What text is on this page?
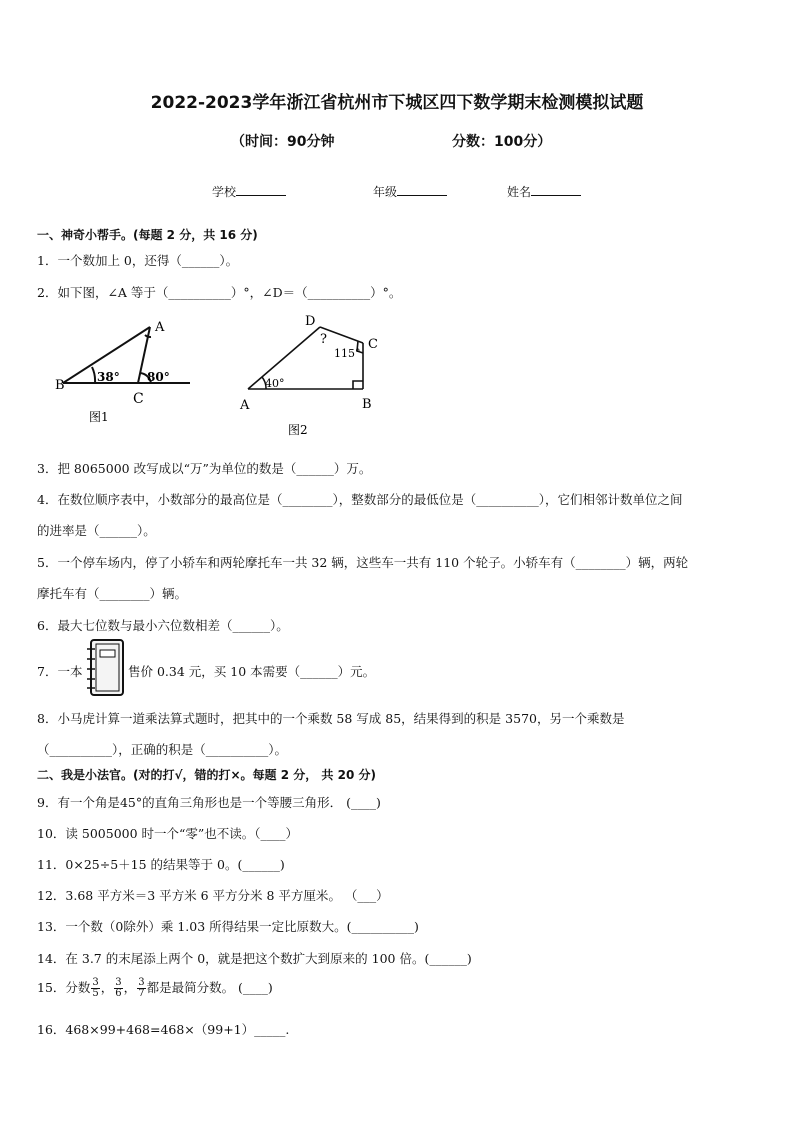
2022-2023学年浙江省杭州市下城区四下数学期末检测模拟试题
（时间：90分钟	分数：100分）
学校	年级	姓名
一、神奇小帮手。(每题 2 分，共 16 分)
1．一个数加上 0，还得（______）。
2．如下图，∠A 等于（__________）°，∠D＝（__________）°。
A
B
C
38° 80°
图1
A	B
C
D
40°
115°
?
图2
3．把 8065000 改写成以“万”为单位的数是（______）万。
4．在数位顺序表中，小数部分的最高位是（________），整数部分的最低位是（__________），它们相邻计数单位之间
的进率是（______）。
5．一个停车场内，停了小轿车和两轮摩托车一共 32 辆，这些车一共有 110 个轮子。小轿车有（________）辆，两轮
摩托车有（________）辆。
6．最大七位数与最小六位数相差（______）。
7．一本	售价 0.34 元，买 10 本需要（______）元。
8．小马虎计算一道乘法算式题时，把其中的一个乘数 58 写成 85，结果得到的积是 3570，另一个乘数是
（__________），正确的积是（__________）。
二、我是小法官。(对的打√，错的打×。每题 2 分， 共 20 分)
9．有一个角是45°的直角三角形也是一个等腰三角形． (____)
10．读 5005000 时一个“零”也不读。（____）
11．0×25÷5＋15 的结果等于 0。(______)
12．3.68 平方米＝3 平方米 6 平方分米 8 平方厘米。 （___）
13．一个数（0除外）乘 1.03 所得结果一定比原数大。(__________)
14．在 3.7 的末尾添上两个 0，就是把这个数扩大到原来的 100 倍。(______)
15．分数 $\frac{3}{5}$ ， $\frac{3}{6}$ ， $\frac{3}{7}$ 都是最简分数。 (____)
16．468×99+468=468×（99+1）_____.
